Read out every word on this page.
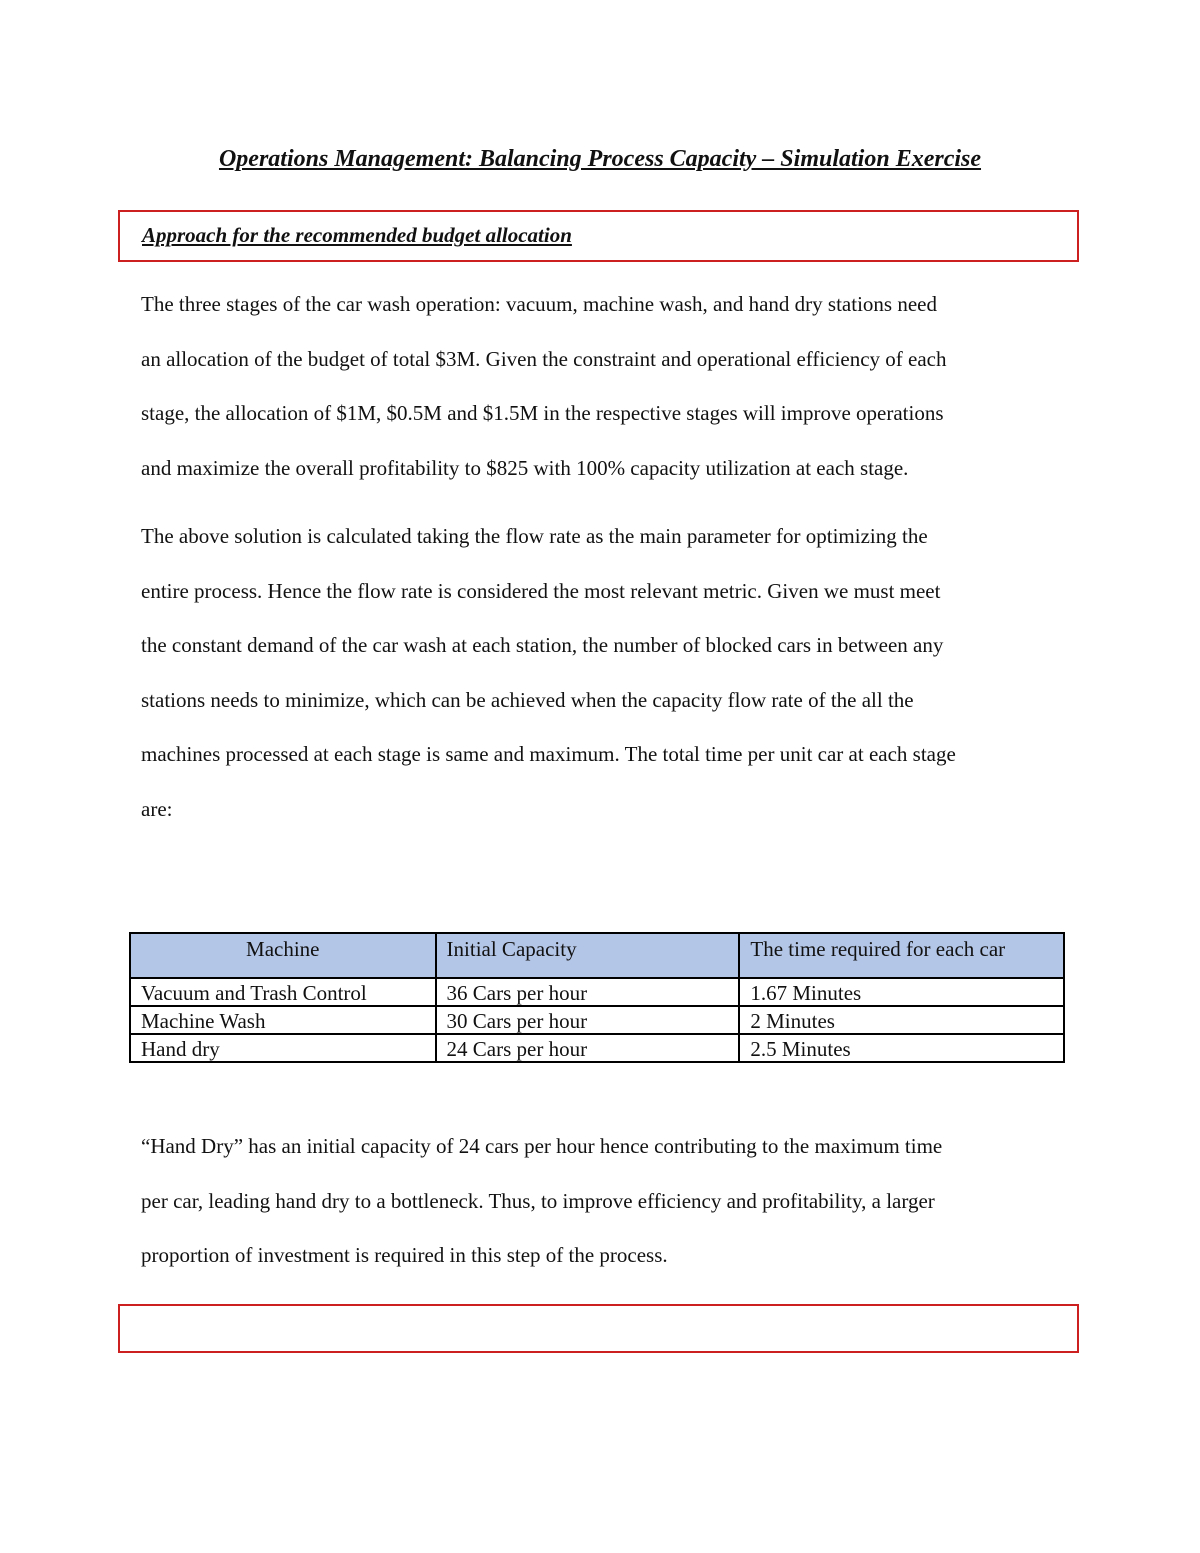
Operations Management: Balancing Process Capacity – Simulation Exercise
Approach for the recommended budget allocation

The three stages of the car wash operation: vacuum, machine wash, and hand dry stations need
an allocation of the budget of total $3M. Given the constraint and operational efficiency of each
stage, the allocation of $1M, $0.5M and $1.5M in the respective stages will improve operations
and maximize the overall profitability to $825 with 100% capacity utilization at each stage.

The above solution is calculated taking the flow rate as the main parameter for optimizing the
entire process. Hence the flow rate is considered the most relevant metric. Given we must meet
the constant demand of the car wash at each station, the number of blocked cars in between any
stations needs to minimize, which can be achieved when the capacity flow rate of the all the
machines processed at each stage is same and maximum. The total time per unit car at each stage
are:

Machine	Initial Capacity	The time required for each car
Vacuum and Trash Control	36 Cars per hour	1.67 Minutes
Machine Wash	30 Cars per hour	2 Minutes
Hand dry	24 Cars per hour	2.5 Minutes

“Hand Dry” has an initial capacity of 24 cars per hour hence contributing to the maximum time
per car, leading hand dry to a bottleneck. Thus, to improve efficiency and profitability, a larger
proportion of investment is required in this step of the process.
